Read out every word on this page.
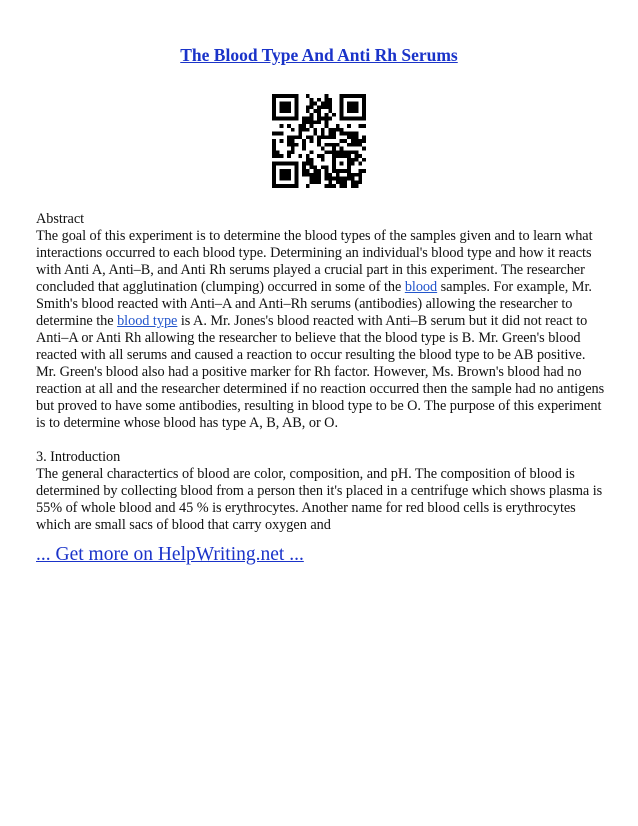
The Blood Type And Anti Rh Serums

Abstract

The goal of this experiment is to determine the blood types of the samples given and to learn what interactions occurred to each blood type. Determining an individual's blood type and how it reacts with Anti A, Anti–B, and Anti Rh serums played a crucial part in this experiment. The researcher concluded that agglutination (clumping) occurred in some of the blood samples. For example, Mr. Smith's blood reacted with Anti–A and Anti–Rh serums (antibodies) allowing the researcher to determine the blood type is A. Mr. Jones's blood reacted with Anti–B serum but it did not react to Anti–A or Anti Rh allowing the researcher to believe that the blood type is B. Mr. Green's blood reacted with all serums and caused a reaction to occur resulting the blood type to be AB positive. Mr. Green's blood also had a positive marker for Rh factor. However, Ms. Brown's blood had no reaction at all and the researcher determined if no reaction occurred then the sample had no antigens but proved to have some antibodies, resulting in blood type to be O. The purpose of this experiment is to determine whose blood has type A, B, AB, or O.

3. Introduction

The general charactertics of blood are color, composition, and pH. The composition of blood is determined by collecting blood from a person then it's placed in a centrifuge which shows plasma is 55% of whole blood and 45 % is erythrocytes. Another name for red blood cells is erythrocytes which are small sacs of blood that carry oxygen and

... Get more on HelpWriting.net ...
